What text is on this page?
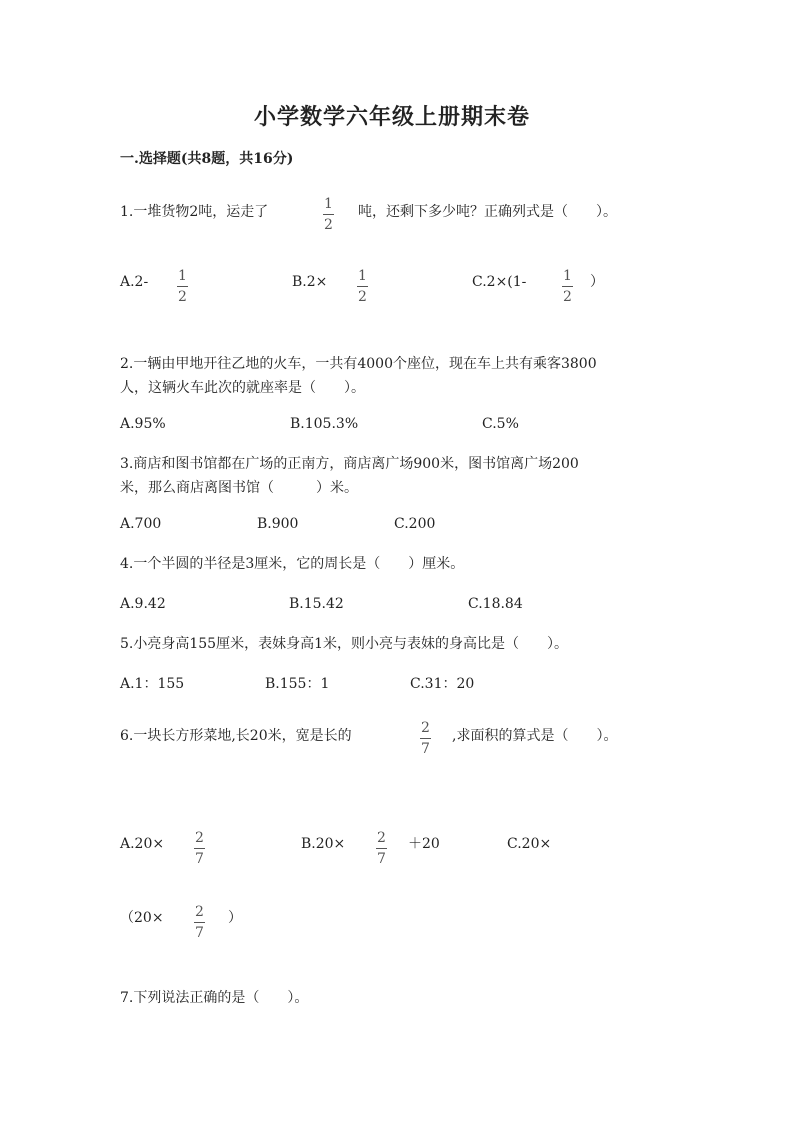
小学数学六年级上册期末卷
一.选择题(共8题，共16分)
1.一堆货物2吨，运走了	1
2
吨，还剩下多少吨？正确列式是（　　）。
A.2- 1
2
B.2× 1
2
C.2×(1-	1
2
）
2.一辆由甲地开往乙地的火车，一共有4000个座位，现在车上共有乘客3800
人，这辆火车此次的就座率是（　　）。
A.95%	B.105.3%	C.5%
3.商店和图书馆都在广场的正南方，商店离广场900米，图书馆离广场200
米，那么商店离图书馆（　　　）米。
A.700	B.900	C.200
4.一个半圆的半径是3厘米，它的周长是（　　）厘米。
A.9.42	B.15.42	C.18.84
5.小亮身高155厘米，表妹身高1米，则小亮与表妹的身高比是（　　）。
A.1：155	B.155：1	C.31：20
6.一块长方形菜地,长20米，宽是长的	2
7
,求面积的算式是（　　）。
A.20× 2
7
B.20× 2
7
＋20	C.20×
（20× 2
7
）
7.下列说法正确的是（　　）。
